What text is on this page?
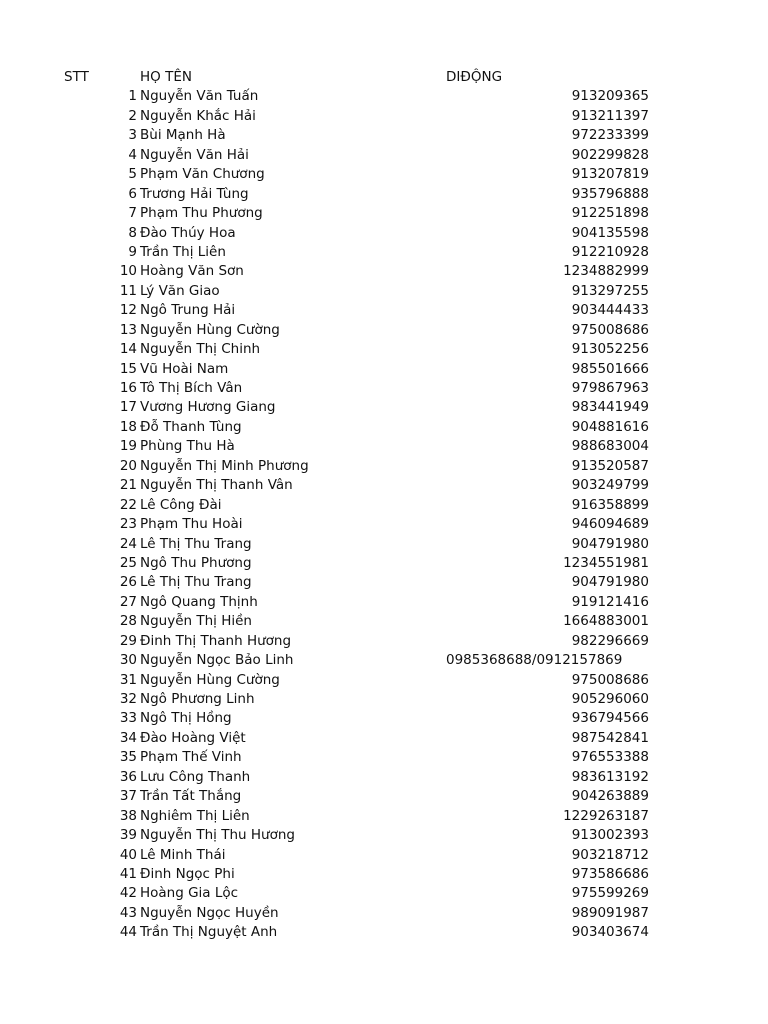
STT	HỌ TÊN	DIĐỘNG
1 Nguyễn Văn Tuấn	913209365
2 Nguyễn Khắc Hải	913211397
3 Bùi Mạnh Hà	972233399
4 Nguyễn Văn Hải	902299828
5 Phạm Văn Chương	913207819
6 Trương Hải Tùng	935796888
7 Phạm Thu Phương	912251898
8 Đào Thúy Hoa	904135598
9 Trần Thị Liên	912210928
10 Hoàng Văn Sơn	1234882999
11 Lý Văn Giao	913297255
12 Ngô Trung Hải	903444433
13 Nguyễn Hùng Cường	975008686
14 Nguyễn Thị Chinh	913052256
15 Vũ Hoài Nam	985501666
16 Tô Thị Bích Vân	979867963
17 Vương Hương Giang	983441949
18 Đỗ Thanh Tùng	904881616
19 Phùng Thu Hà	988683004
20 Nguyễn Thị Minh Phương	913520587
21 Nguyễn Thị Thanh Vân	903249799
22 Lê Công Đài	916358899
23 Phạm Thu Hoài	946094689
24 Lê Thị Thu Trang	904791980
25 Ngô Thu Phương	1234551981
26 Lê Thị Thu Trang	904791980
27 Ngô Quang Thịnh	919121416
28 Nguyễn Thị Hiền	1664883001
29 Đinh Thị Thanh Hương	982296669
30 Nguyễn Ngọc Bảo Linh	0985368688/0912157869
31 Nguyễn Hùng Cường	975008686
32 Ngô Phương Linh	905296060
33 Ngô Thị Hồng	936794566
34 Đào Hoàng Việt	987542841
35 Phạm Thế Vinh	976553388
36 Lưu Công Thanh	983613192
37 Trần Tất Thắng	904263889
38 Nghiêm Thị Liên	1229263187
39 Nguyễn Thị Thu Hương	913002393
40 Lê Minh Thái	903218712
41 Đinh Ngọc Phi	973586686
42 Hoàng Gia Lộc	975599269
43 Nguyễn Ngọc Huyền	989091987
44 Trần Thị Nguyệt Anh	903403674
